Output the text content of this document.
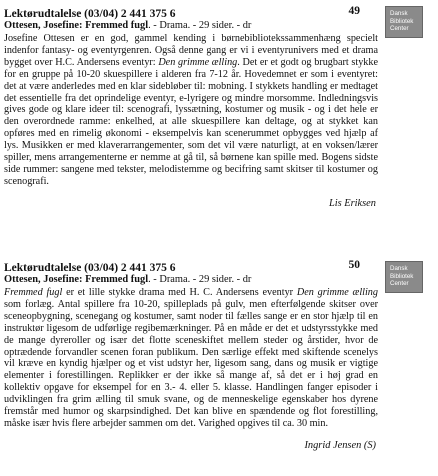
Lektørudtalelse (03/04) 2 441 375 6	49
Ottesen, Josefine: Fremmed fugl. - Drama. - 29 sider. - dr

Josefine Ottesen er en god, gammel kending i børnebibliotekssammenhæng specielt indenfor fantasy- og eventyrgenren. Også denne gang er vi i eventyrunivers med et drama bygget over H.C. Andersens eventyr: Den grimme ælling. Det er et godt og brugbart stykke for en gruppe på 10-20 skuespillere i alderen fra 7-12 år. Hovedemnet er som i eventyret: det at være anderledes med en klar sidebløber til: mobning. I stykkets handling er medtaget det essentielle fra det oprindelige eventyr, e-lyrigere og mindre morsomme. Indledningsvis gives gode og klare ideer til: scenografi, lyssætning, kostumer og musik - og i det hele er den overordnede ramme: enkelhed, at alle skuespillere kan deltage, og at stykket kan opføres med en rimelig økonomi - eksempelvis kan scenerummet opbygges ved hjælp af lys. Musikken er med klaverarrangementer, som det vil være naturligt, at en voksen/lærer spiller, mens arrangementerne er nemme at gå til, så børnene kan spille med. Bogens sidste side rummer: sangene med tekster, melodistemme og becifring samt skitser til kostumer og scenografi.

Lis Eriksen
Dansk
Bibliotek
Center
Lektørudtalelse (03/04) 2 441 375 6	50
Ottesen, Josefine: Fremmed fugl. - Drama. - 29 sider. - dr

Fremmed fugl er et lille stykke drama med H. C. Andersens eventyr Den grimme ælling som forlæg. Antal spillere fra 10-20, spilleplads på gulv, men efterfølgende skitser over sceneopbygning, scenegang og kostumer, samt noder til fælles sange er en stor hjælp til en instruktør ligesom de udførlige regibemærkninger. På en måde er det et udstyrsstykke med de mange dyreroller og især det flotte sceneskiftet mellem steder og årstider, hvor de optrædende forvandler scenen foran publikum. Den særlige effekt med skiftende scenelys vil kræve en kyndig hjælper og et vist udstyr her, ligesom sang, dans og musik er vigtige elementer i forestillingen. Replikker er der ikke så mange af, så det er i høj grad en kollektiv opgave for eksempel for en 3.- 4. eller 5. klasse. Handlingen fanger episoder i udviklingen fra grim ælling til smuk svane, og de menneskelige egenskaber hos dyrene fremstår med humor og skarpsindighed. Det kan blive en spændende og flot forestilling, måske især hvis flere arbejder sammen om det. Varighed opgives til ca. 30 min.

Ingrid Jensen (S)
Dansk
Bibliotek
Center
